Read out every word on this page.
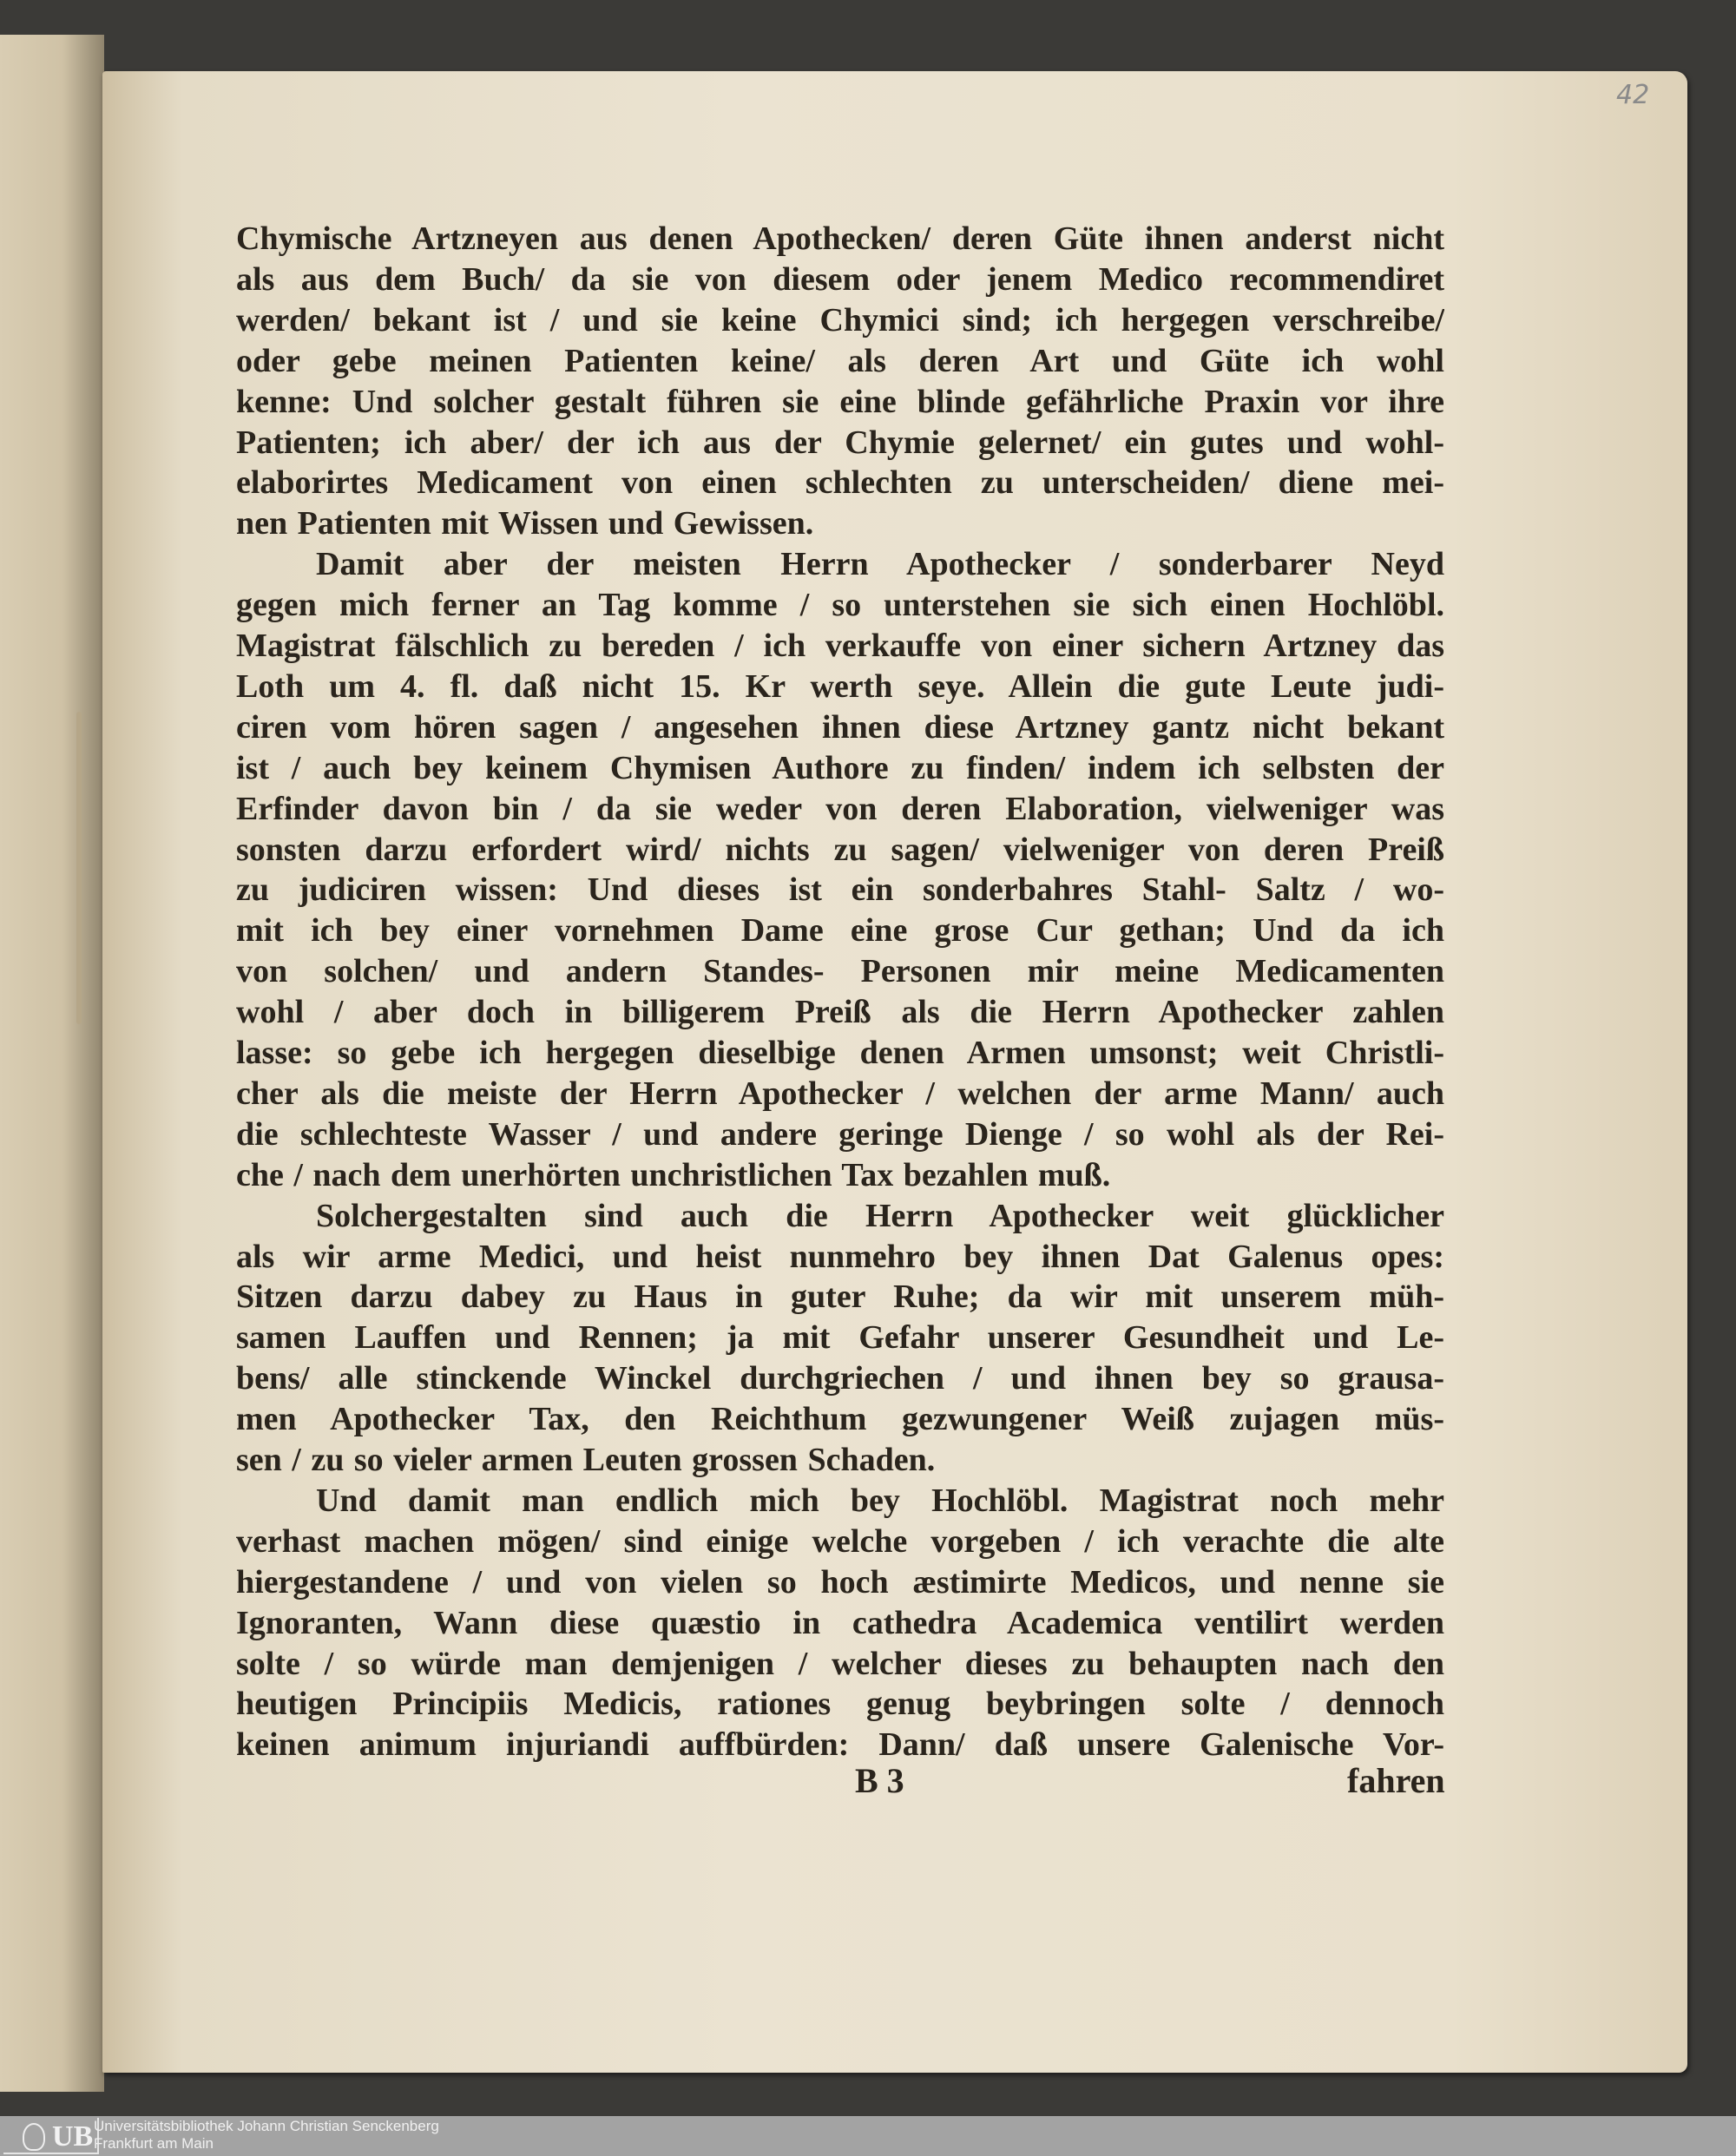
42
Chymische Artzneyen aus denen Apothecken/ deren Güte ihnen anderst nicht
als aus dem Buch/ da sie von diesem oder jenem Medico recommendiret
werden/ bekant ist / und sie keine Chymici sind; ich hergegen verschreibe/
oder gebe meinen Patienten keine/ als deren Art und Güte ich wohl
kenne: Und solcher gestalt führen sie eine blinde gefährliche Praxin vor ihre
Patienten; ich aber/ der ich aus der Chymie gelernet/ ein gutes und wohl-
elaborirtes Medicament von einen schlechten zu unterscheiden/ diene mei-
nen Patienten mit Wissen und Gewissen.
Damit aber der meisten Herrn Apothecker / sonderbarer Neyd
gegen mich ferner an Tag komme / so unterstehen sie sich einen Hochlöbl.
Magistrat fälschlich zu bereden / ich verkauffe von einer sichern Artzney das
Loth um 4. fl. daß nicht 15. Kr werth seye. Allein die gute Leute judi-
ciren vom hören sagen / angesehen ihnen diese Artzney gantz nicht bekant
ist / auch bey keinem Chymisen Authore zu finden/ indem ich selbsten der
Erfinder davon bin / da sie weder von deren Elaboration, vielweniger was
sonsten darzu erfordert wird/ nichts zu sagen/ vielweniger von deren Preiß
zu judiciren wissen: Und dieses ist ein sonderbahres Stahl- Saltz / wo-
mit ich bey einer vornehmen Dame eine grose Cur gethan; Und da ich
von solchen/ und andern Standes- Personen mir meine Medicamenten
wohl / aber doch in billigerem Preiß als die Herrn Apothecker zahlen
lasse: so gebe ich hergegen dieselbige denen Armen umsonst; weit Christli-
cher als die meiste der Herrn Apothecker / welchen der arme Mann/ auch
die schlechteste Wasser / und andere geringe Dienge / so wohl als der Rei-
che / nach dem unerhörten unchristlichen Tax bezahlen muß.
Solchergestalten sind auch die Herrn Apothecker weit glücklicher
als wir arme Medici, und heist nunmehro bey ihnen Dat Galenus opes:
Sitzen darzu dabey zu Haus in guter Ruhe; da wir mit unserem müh-
samen Lauffen und Rennen; ja mit Gefahr unserer Gesundheit und Le-
bens/ alle stinckende Winckel durchgriechen / und ihnen bey so grausa-
men Apothecker Tax, den Reichthum gezwungener Weiß zujagen müs-
sen / zu so vieler armen Leuten grossen Schaden.
Und damit man endlich mich bey Hochlöbl. Magistrat noch mehr
verhast machen mögen/ sind einige welche vorgeben / ich verachte die alte
hiergestandene / und von vielen so hoch æstimirte Medicos, und nenne sie
Ignoranten, Wann diese quæstio in cathedra Academica ventilirt werden
solte / so würde man demjenigen / welcher dieses zu behaupten nach den
heutigen Principiis Medicis, rationes genug beybringen solte / dennoch
keinen animum injuriandi auffbürden: Dann/ daß unsere Galenische Vor-
B 3	fahren
UB Universitätsbibliothek Johann Christian Senckenberg
Frankfurt am Main
